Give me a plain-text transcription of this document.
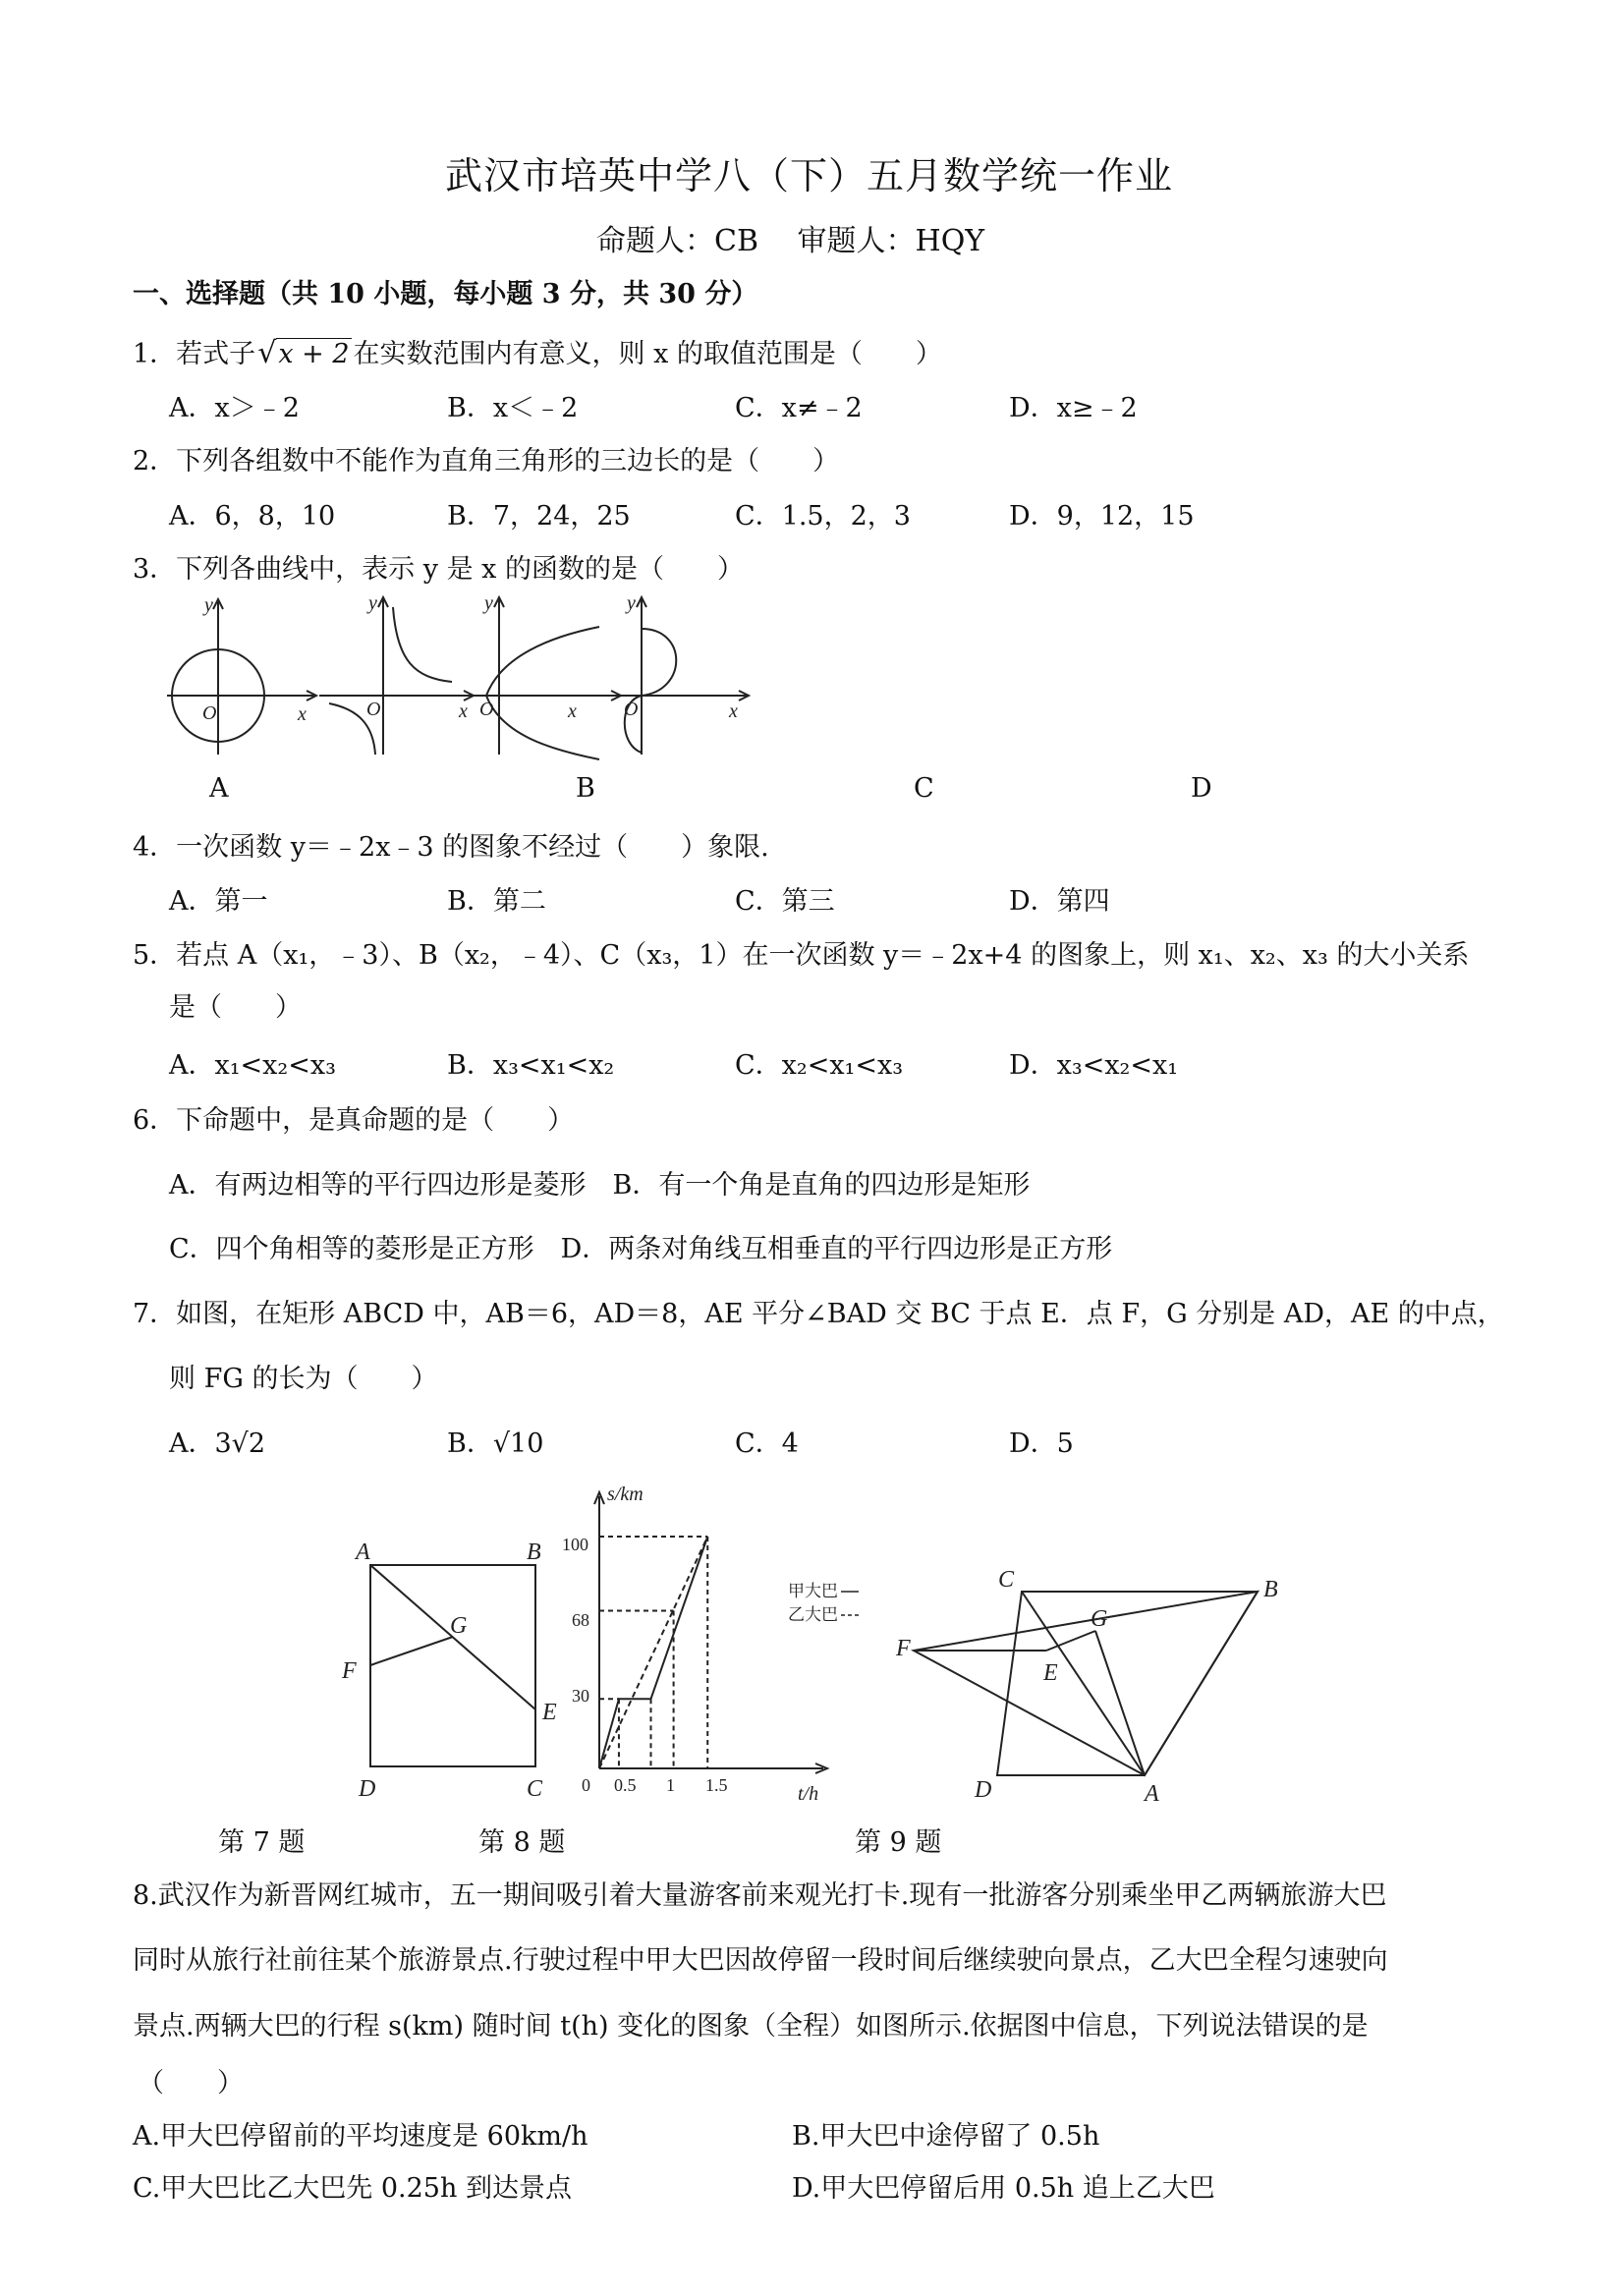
武汉市培英中学八（下）五月数学统一作业
命题人：CB　 审题人：HQY
一、选择题（共 10 小题，每小题 3 分，共 30 分）
1．若式子√x + 2 在实数范围内有意义，则 x 的取值范围是（　　）
A．x＞﹣2	B．x＜﹣2	C．x≠﹣2	D．x≥﹣2
2．下列各组数中不能作为直角三角形的三边长的是（　　）
A．6，8，10	B．7，24，25	C．1.5，2，3	D．9，12，15
3．下列各曲线中，表示 y 是 x 的函数的是（　　）
y
x
O
y
x
O
y
x
O
y
x
O
A	B	C	D
4．一次函数 y＝﹣2x﹣3 的图象不经过（　　）象限.
A．第一	B．第二	C．第三	D．第四
5．若点 A（x₁，﹣3）、B（x₂，﹣4）、C（x₃，1）在一次函数 y＝﹣2x+4 的图象上，则 x₁、x₂、x₃ 的大小关系
是（　　）
A．x₁<x₂<x₃	B．x₃<x₁<x₂	C．x₂<x₁<x₃	D．x₃<x₂<x₁
6．下命题中，是真命题的是（　　）
A．有两边相等的平行四边形是菱形　B．有一个角是直角的四边形是矩形
C．四个角相等的菱形是正方形　D．两条对角线互相垂直的平行四边形是正方形
7．如图，在矩形 ABCD 中，AB＝6，AD＝8，AE 平分∠BAD 交 BC 于点 E．点 F，G 分别是 AD，AE 的中点，
则 FG 的长为（　　）
A．3√2	B．√10	C．4	D．5
A	B
C
D
E
F
G
s/km
t/h
0 0.5 1 1.5
100
68
30
甲大巴
乙大巴
C	B
F
E
G
D	A
第 7 题	第 8 题	第 9 题
8.武汉作为新晋网红城市，五一期间吸引着大量游客前来观光打卡.现有一批游客分别乘坐甲乙两辆旅游大巴
同时从旅行社前往某个旅游景点.行驶过程中甲大巴因故停留一段时间后继续驶向景点，乙大巴全程匀速驶向
景点.两辆大巴的行程 s(km) 随时间 t(h) 变化的图象（全程）如图所示.依据图中信息，下列说法错误的是
（　　）
A.甲大巴停留前的平均速度是 60km/h	B.甲大巴中途停留了 0.5h
C.甲大巴比乙大巴先 0.25h 到达景点	D.甲大巴停留后用 0.5h 追上乙大巴
